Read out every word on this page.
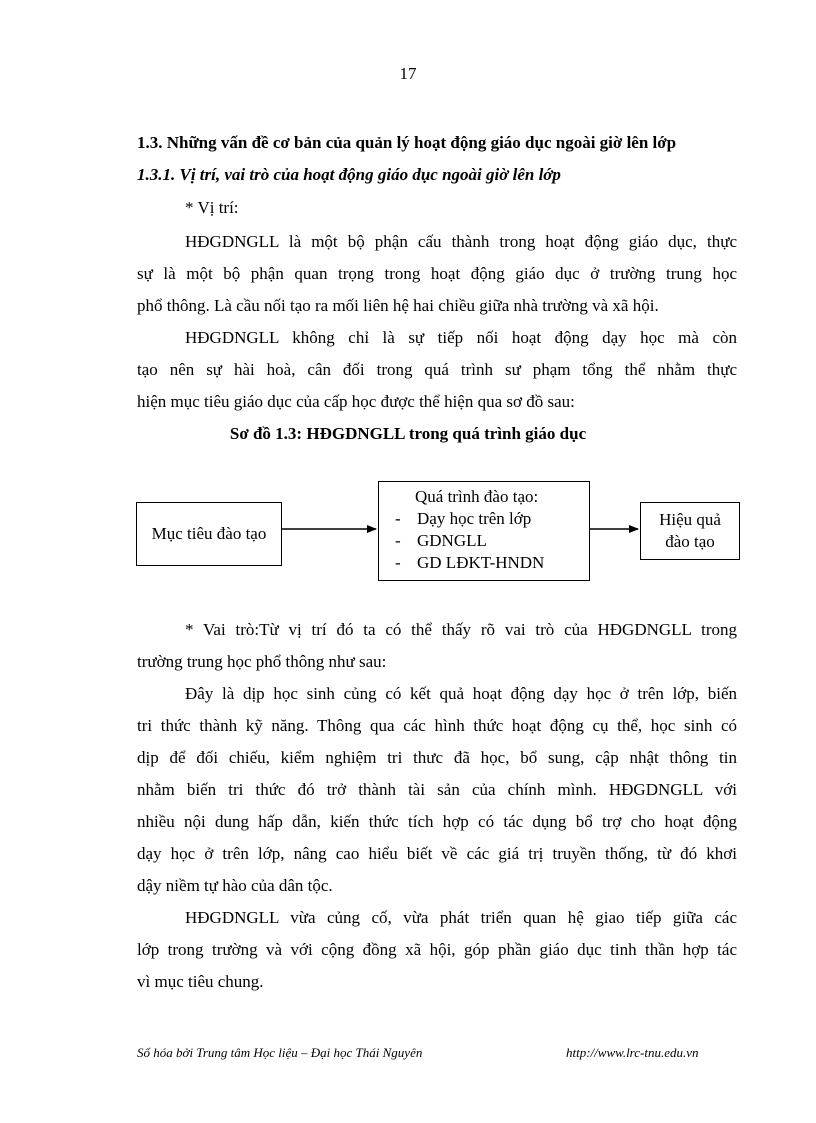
17
1.3. Những vấn đề cơ bản của quản lý hoạt động giáo dục ngoài giờ lên lớp
1.3.1. Vị trí, vai trò của hoạt động giáo dục ngoài giờ lên lớp
* Vị trí:
HĐGDNGLL là một bộ phận cấu thành trong hoạt động giáo dục, thực
sự là một bộ phận quan trọng trong hoạt động giáo dục ở trường trung học
phổ thông. Là cầu nối tạo ra mối liên hệ hai chiều giữa nhà trường và xã hội.
HĐGDNGLL không chỉ là sự tiếp nối hoạt động dạy học mà còn
tạo nên sự hài hoà, cân đối trong quá trình sư phạm tổng thể nhằm thực
hiện mục tiêu giáo dục của cấp học được thể hiện qua sơ đồ sau:
Sơ đồ 1.3: HĐGDNGLL trong quá trình giáo dục
Mục tiêu đào tạo
Quá trình đào tạo:
- Dạy học trên lớp
- GDNGLL
- GD LĐKT-HNDN
Hiệu quả
đào tạo
* Vai trò:Từ vị trí đó ta có thể thấy rõ vai trò của HĐGDNGLL trong
trường trung học phổ thông như sau:
Đây là dịp học sinh củng có kết quả hoạt động dạy học ở trên lớp, biến
tri thức thành kỹ năng. Thông qua các hình thức hoạt động cụ thể, học sinh có
dịp để đối chiếu, kiểm nghiệm tri thưc đã học, bổ sung, cập nhật thông tin
nhằm biến tri thức đó trở thành tài sản của chính mình. HĐGDNGLL với
nhiều nội dung hấp dẫn, kiến thức tích hợp có tác dụng bổ trợ cho hoạt động
dạy học ở trên lớp, nâng cao hiểu biết về các giá trị truyền thống, từ đó khơi
dậy niềm tự hào của dân tộc.
HĐGDNGLL vừa củng cố, vừa phát triển quan hệ giao tiếp giữa các
lớp trong trường và với cộng đồng xã hội, góp phần giáo dục tinh thần hợp tác
vì mục tiêu chung.
Số hóa bởi Trung tâm Học liệu – Đại học Thái Nguyên	http://www.lrc-tnu.edu.vn
